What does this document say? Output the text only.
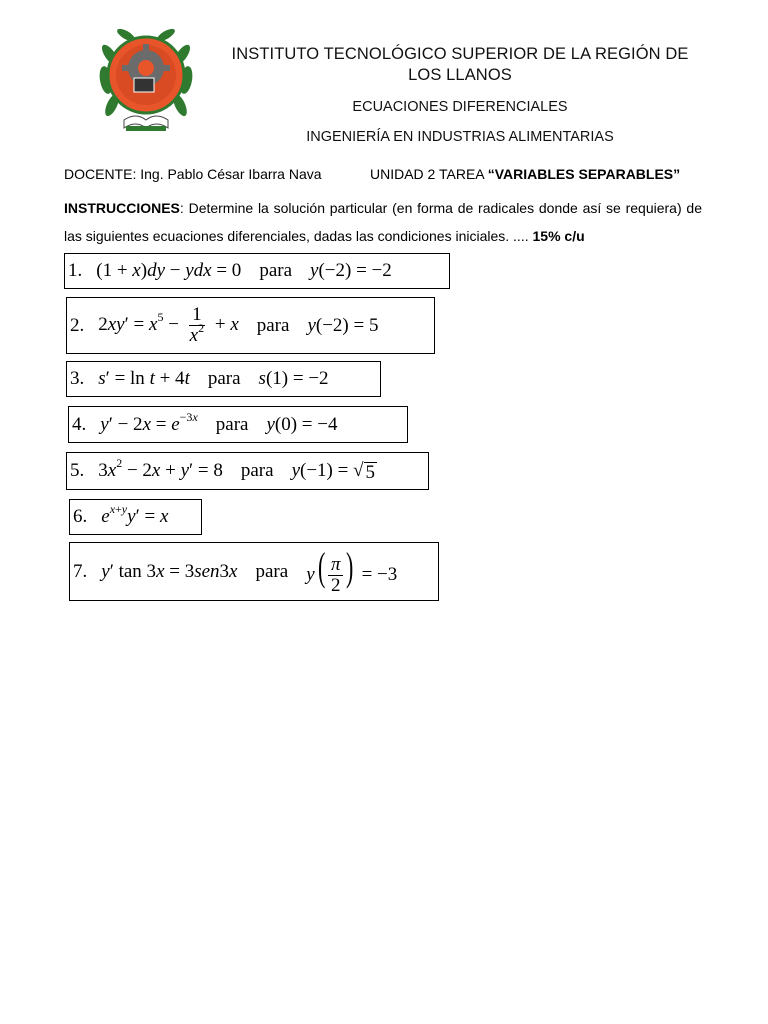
INSTITUTO TECNOLÓGICO SUPERIOR DE LA REGIÓN DE LOS LLANOS
ECUACIONES DIFERENCIALES
INGENIERÍA EN INDUSTRIAS ALIMENTARIAS
DOCENTE: Ing. Pablo César Ibarra Nava	UNIDAD 2 TAREA “VARIABLES SEPARABLES”
INSTRUCCIONES: Determine la solución particular (en forma de radicales donde así se requiera) de las siguientes ecuaciones diferenciales, dadas las condiciones iniciales. .... 15% c/u
1. (1 + x)dy − ydx = 0 para y(−2) = −2
2. $2xy' = x^5 - \frac{1}{x^2} + x$ para y(−2) = 5
3. s′ = ln t + 4t para s(1) = −2
4. $y' - 2x = e^{-3x}$ para y(0) = −4
5. $3x^2 - 2x + y' = 8$ para y(−1) = √ 5
6. $e^{x+y}y' = x$
7. y′ tan 3x = 3sen3x para $y( \frac{\pi}{2}$ ) = −3
